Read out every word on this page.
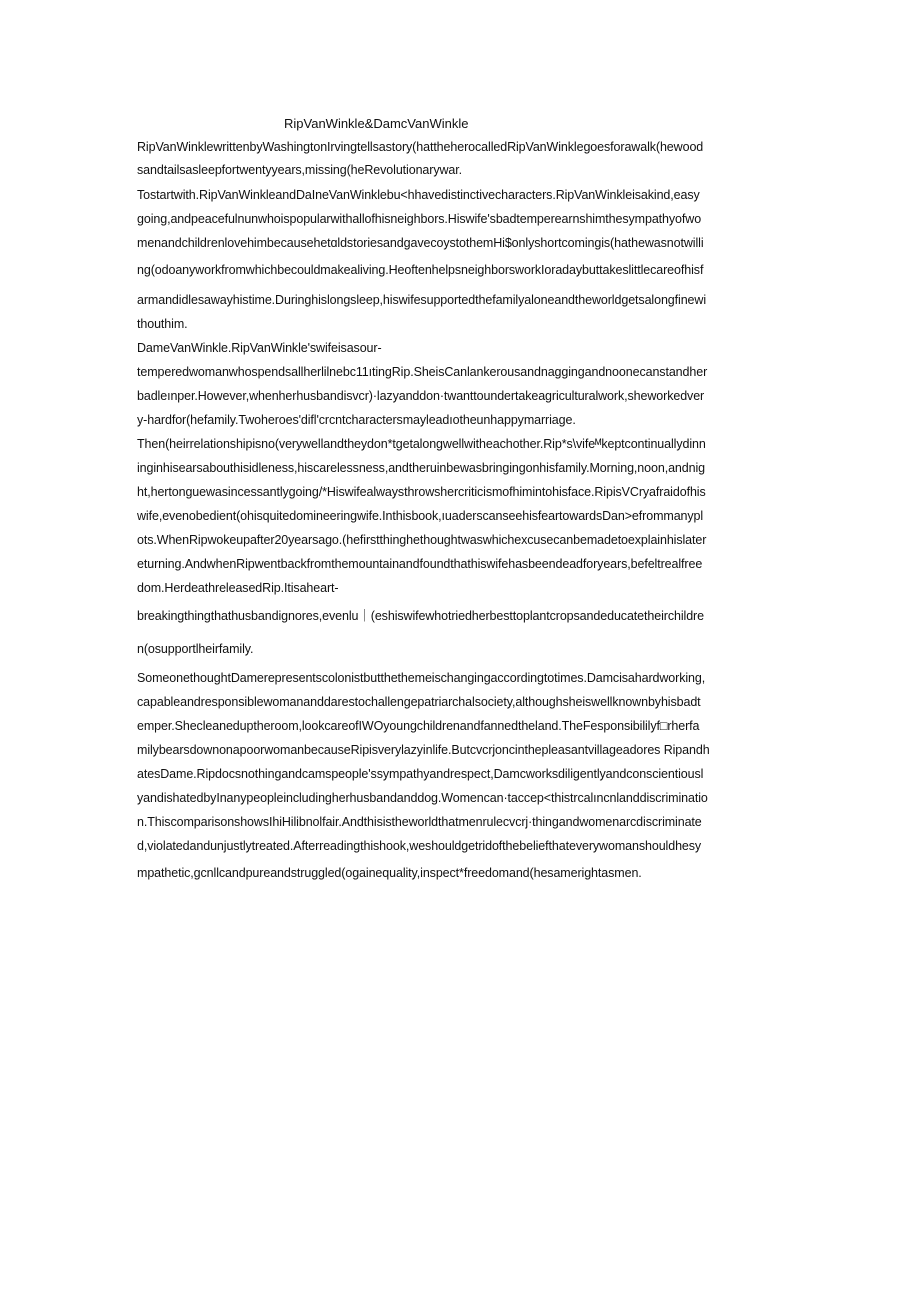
RipVanWinkle&DamcVanWinkle
RipVanWinklewrittenbyWashingtonIrvingtellsastory(hattheherocalledRipVanWinklegoesforawalk(hewood
sandtailsasleepfortwentyyears,missing(heRevolutionarywar.
Tostartwith.RipVanWinkleandDaIneVanWinklebu<hhavedistinctivecharacters.RipVanWinkleisakind,easy
going,andpeacefulnunwhoispopularwithallofhisneighbors.Hiswife'sbadtemperearnshimthesympathyofwo
menandchildrenlovehimbecausehetɑldstoriesandgavecoystothemHi$onlyshortcomingis(hathewasnotwilli
ng(odoanyworkfromwhichbecouldmakealiving.HeoftenhelpsneighborsworkIoradaybuttakeslittlecareofhisf
armandidlesawayhistime.Duringhislongsleep,hiswifesupportedthefamilyaloneandtheworldgetsalongfinewi
thouthim.
DameVanWinkle.RipVanWinkle'swifeisasour-
temperedwomanwhospendsallherlilnebc11ıtingRip.SheisCanlankerousandnaggingandnoonecanstandher
badleınper.However,whenherhusbandisvcr)·lazyanddon·twanttoundertakeagriculturalwork,sheworkedver
y-hardfor(hefamily.Twoheroes'difl'crcntcharactersmayleadıotheunhappymarriage.
Then(heirrelationshipisno(verywellandtheydon*tgetalongwellwitheachother.Rip*s\vifeᴹkeptcontinuallydinn
inginhisearsabouthisidleness,hiscarelessness,andtheruinbewasbringingonhisfamily.Morning,noon,andnig
ht,hertonguewasincessantlygoing/*Hiswifealwaysthrowshercriticismofhimintohisface.RipisVCryafraidofhis
wife,evenobedient(ohisquitedomineeringwife.Inthisbook,ıuaderscanseehisfeartowardsDan>efrommanypl
ots.WhenRipwokeupafter20yearsago.(hefirstthinghethoughtwaswhichexcusecanbemadetoexplainhislater
eturning.AndwhenRipwentbackfromthemountainandfoundthathiswifehasbeendeadforyears,befeltrealfree
dom.HerdeathreleasedRip.Itisaheart-
breakingthingthathusbandignores,evenlu｜(eshiswifewhotriedherbesttoplantcropsandeducatetheirchildre
n(osupportlheirfamily.
SomeonethoughtDamerepresentscolonistbutthethemeischangingaccordingtotimes.Damcisahardworking,
capableandresponsiblewomananddarestochallengepatriarchalsociety,althoughsheiswellknownbyhisbadt
emper.Shecleaneduptheroom,lookcareofIWOyoungchildrenandfannedtheland.TheFesponsibililyf□rherfa
milybearsdownonapoorwomanbecauseRipisverylazyinlife.Butcvcrjoncinthepleasantvillageadores Ripandh
atesDame.Ripdocsnothingandcamspeople'ssympathyandrespect,Damcworksdiligentlyandconscientiousl
yandishatedbyInanypeopleincludingherhusbandanddog.Womencan·taccep<thistrcalıncnlanddiscriminatio
n.ThiscomparisonshowsIhiHilibnolfair.Andthisistheworldthatmenrulecvcrj·thingandwomenarcdiscriminate
d,violatedandunjustlytreated.Afterreadingthishook,weshouldgetridofthebeliefthateverywomanshouldhesy
mpathetic,gcnllcandpureandstruggled(ogainequality,inspect*freedomand(hesamerightasmen.
